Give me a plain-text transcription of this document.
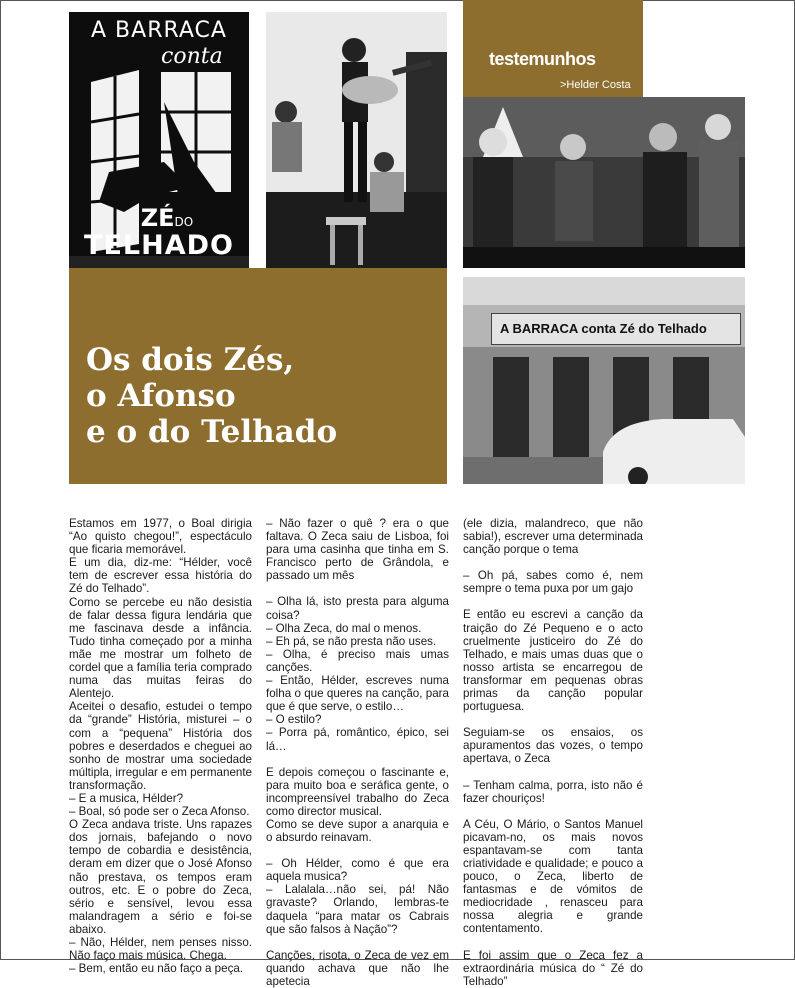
A BARRACA
conta
ZÉDO
TELHADO
testemunhos
>Helder Costa
A BARRACA conta Zé do Telhado
Os dois Zés,
o Afonso
e o do Telhado

Estamos em 1977, o Boal dirigia “Ao quisto chegou!”, espectáculo que ficaria memorável.

E um dia, diz-me: “Hélder, você tem de escrever essa história do Zé do Telhado”.

Como se percebe eu não desistia de falar dessa figura lendária que me fascinava desde a infância. Tudo tinha começado por a minha mãe me mostrar um folheto de cordel que a família teria comprado numa das muitas feiras do Alentejo.

Aceitei o desafio, estudei o tempo da “grande” História, misturei – o com a “pequena” História dos pobres e deserdados e cheguei ao sonho de mostrar uma sociedade múltipla, irregular e em permanente transformação.

– E a musica, Hélder?

– Boal, só pode ser o Zeca Afonso.

O Zeca andava triste. Uns rapazes dos jornais, bafejando o novo tempo de cobardia e desistência, deram em dizer que o José Afonso não prestava, os tempos eram outros, etc. E o pobre do Zeca, sério e sensível, levou essa malandragem a sério e foi-se abaixo.

– Não, Hélder, nem penses nisso. Não faço mais música. Chega.

– Bem, então eu não faço a peça.

– Não fazer o quê ? era o que faltava. O Zeca saiu de Lisboa, foi para uma casinha que tinha em S. Francisco perto de Grândola, e passado um mês

– Olha lá, isto presta para alguma coisa?

– Olha Zeca, do mal o menos.

– Eh pá, se não presta não uses.

– Olha, é preciso mais umas canções.

– Então, Hélder, escreves numa folha o que queres na canção, para que é que serve, o estilo…

– O estilo?

– Porra pá, romântico, épico, sei lá…

E depois começou o fascinante e, para muito boa e seráfica gente, o incompreensível trabalho do Zeca como director musical.

Como se deve supor a anarquia e o absurdo reinavam.

– Oh Hélder, como é que era aquela musica?

– Lalalala…não sei, pá! Não gravaste? Orlando, lembras-te daquela “para matar os Cabrais que são falsos à Nação”?

Canções, risota, o Zeca de vez em quando achava que não lhe apetecia

(ele dizia, malandreco, que não sabia!), escrever uma determinada canção porque o tema

– Oh pá, sabes como é, nem sempre o tema puxa por um gajo

E então eu escrevi a canção da traição do Zé Pequeno e o acto cruelmente justiceiro do Zé do Telhado, e mais umas duas que o nosso artista se encarregou de transformar em pequenas obras primas da canção popular portuguesa.

Seguiam-se os ensaios, os apuramentos das vozes, o tempo apertava, o Zeca

– Tenham calma, porra, isto não é fazer chouriços!

A Céu, O Mário, o Santos Manuel picavam-no, os mais novos espantavam-se com tanta criatividade e qualidade; e pouco a pouco, o Zeca, liberto de fantasmas e de vómitos de mediocridade , renasceu para nossa alegria e grande contentamento.

E foi assim que o Zeca fez a extraordinária música do “ Zé do Telhado”
